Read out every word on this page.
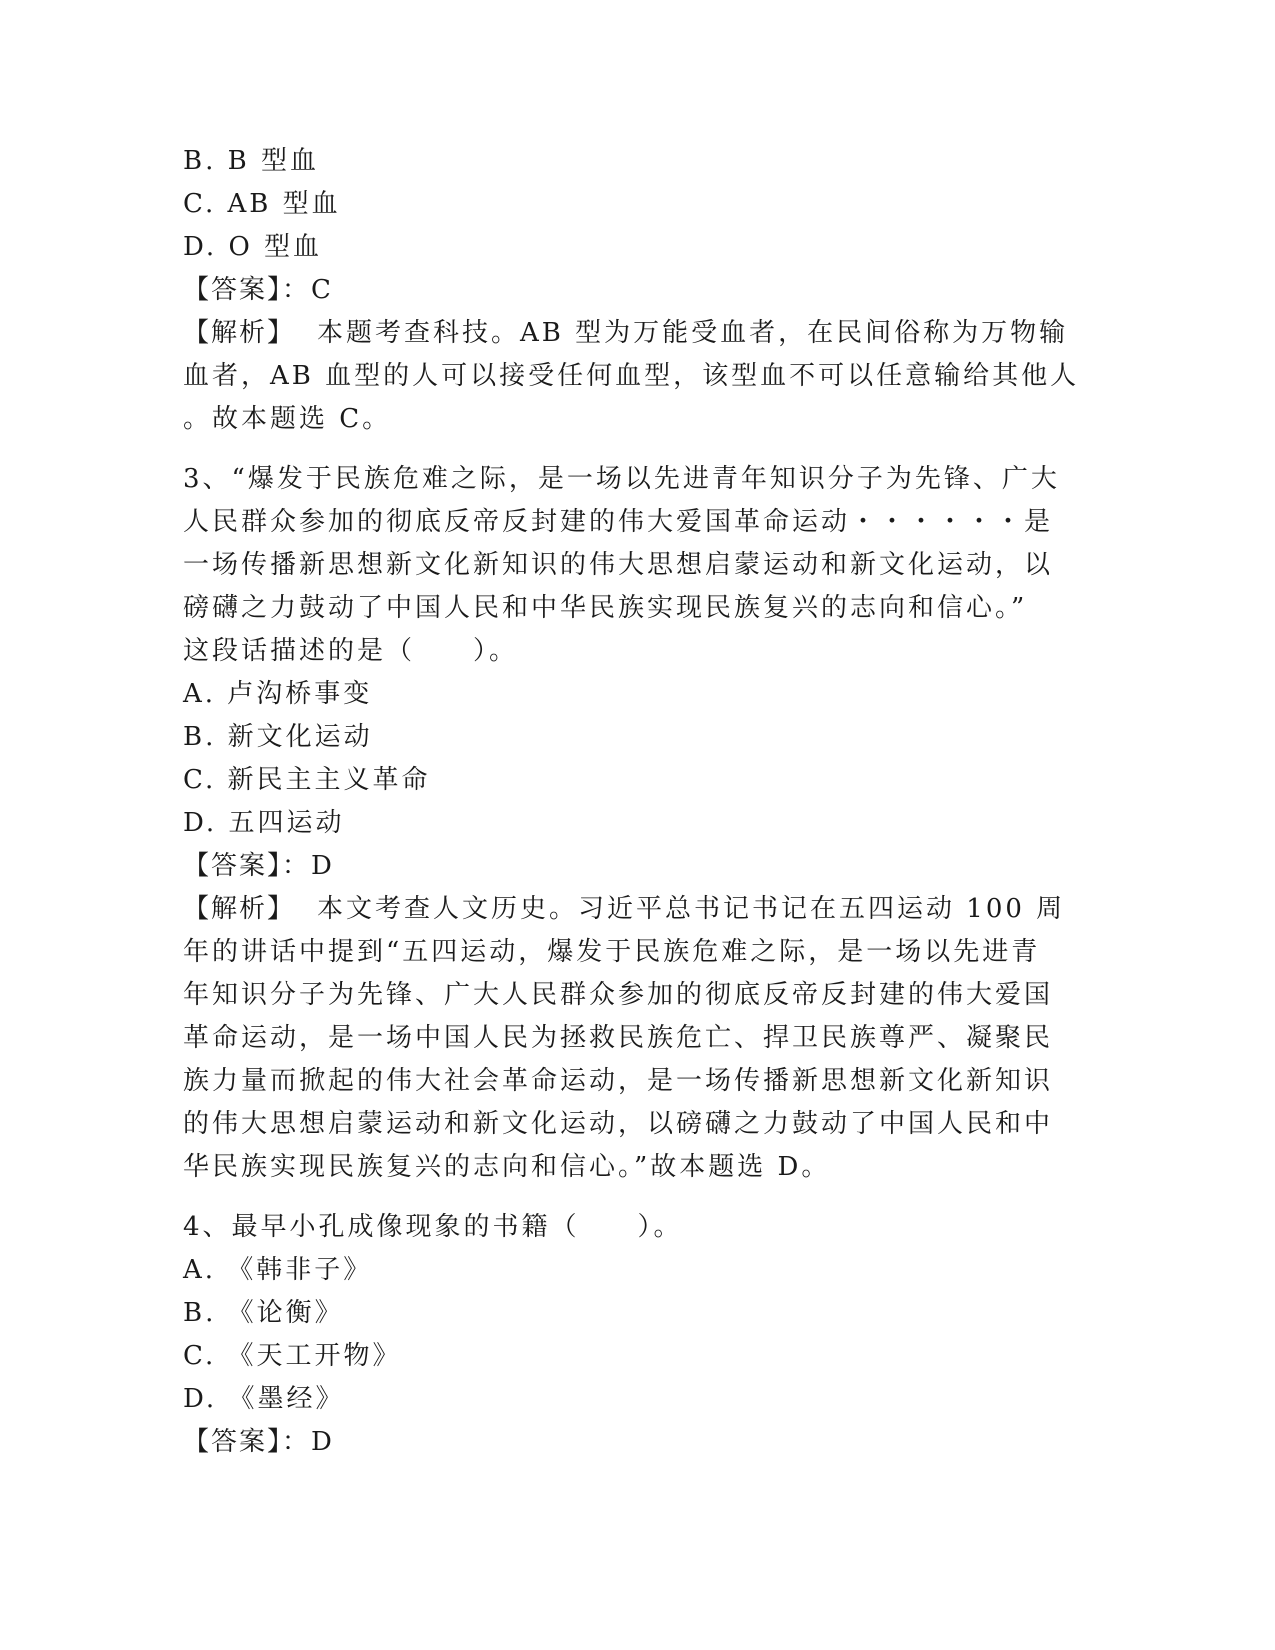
B. B 型血
C. AB 型血
D. O 型血
【答案】：C
【解析】 本题考查科技。AB 型为万能受血者，在民间俗称为万物输
血者，AB 血型的人可以接受任何血型，该型血不可以任意输给其他人
。故本题选 C。
3、“爆发于民族危难之际，是一场以先进青年知识分子为先锋、广大
人民群众参加的彻底反帝反封建的伟大爱国革命运动・・・・・・是
一场传播新思想新文化新知识的伟大思想启蒙运动和新文化运动，以
磅礴之力鼓动了中国人民和中华民族实现民族复兴的志向和信心。”
这段话描述的是（　　）。
A. 卢沟桥事变
B. 新文化运动
C. 新民主主义革命
D. 五四运动
【答案】：D
【解析】 本文考查人文历史。习近平总书记书记在五四运动 100 周
年的讲话中提到“五四运动，爆发于民族危难之际，是一场以先进青
年知识分子为先锋、广大人民群众参加的彻底反帝反封建的伟大爱国
革命运动，是一场中国人民为拯救民族危亡、捍卫民族尊严、凝聚民
族力量而掀起的伟大社会革命运动，是一场传播新思想新文化新知识
的伟大思想启蒙运动和新文化运动，以磅礴之力鼓动了中国人民和中
华民族实现民族复兴的志向和信心。”故本题选 D。
4、最早小孔成像现象的书籍（　　）。
A. 《韩非子》
B. 《论衡》
C. 《天工开物》
D. 《墨经》
【答案】：D
